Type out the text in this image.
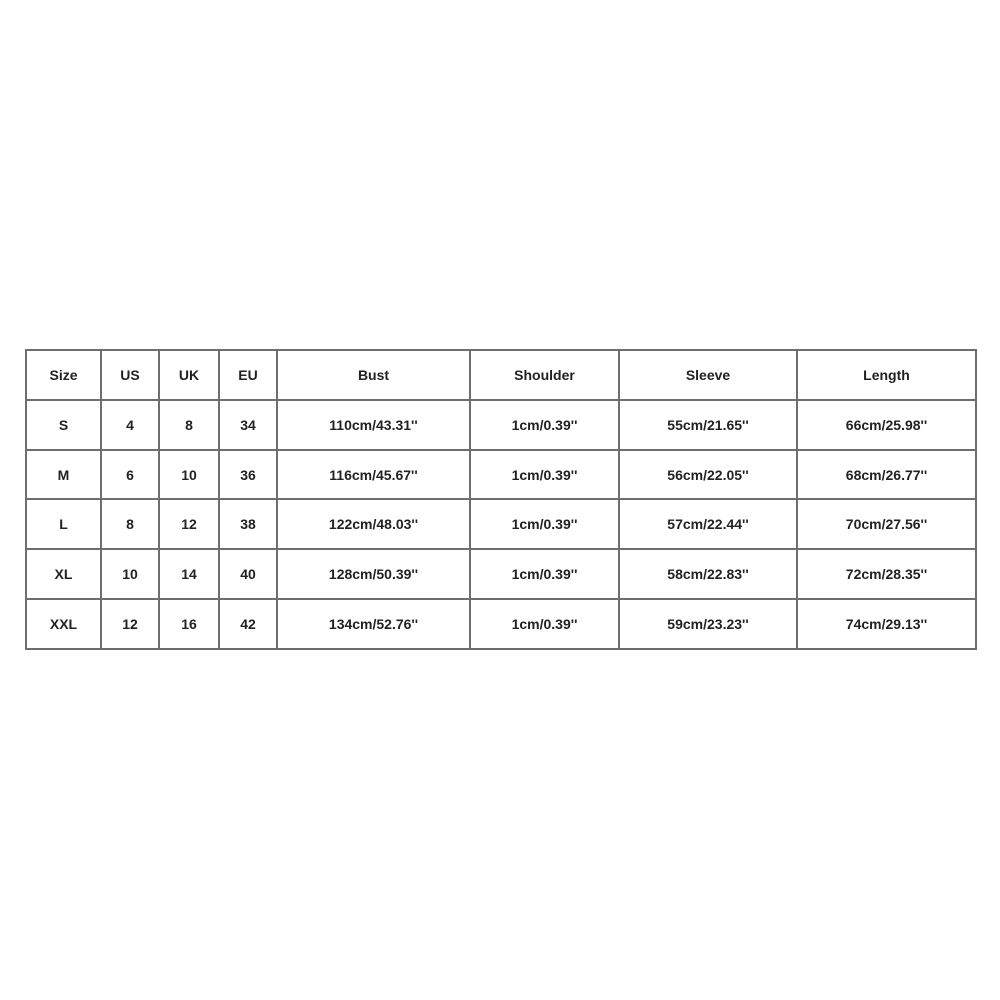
Size	US	UK	EU	Bust	Shoulder	Sleeve	Length
S	4	8	34	110cm/43.31''	1cm/0.39''	55cm/21.65''	66cm/25.98''
M	6	10	36	116cm/45.67''	1cm/0.39''	56cm/22.05''	68cm/26.77''
L	8	12	38	122cm/48.03''	1cm/0.39''	57cm/22.44''	70cm/27.56''
XL	10	14	40	128cm/50.39''	1cm/0.39''	58cm/22.83''	72cm/28.35''
XXL	12	16	42	134cm/52.76''	1cm/0.39''	59cm/23.23''	74cm/29.13''
